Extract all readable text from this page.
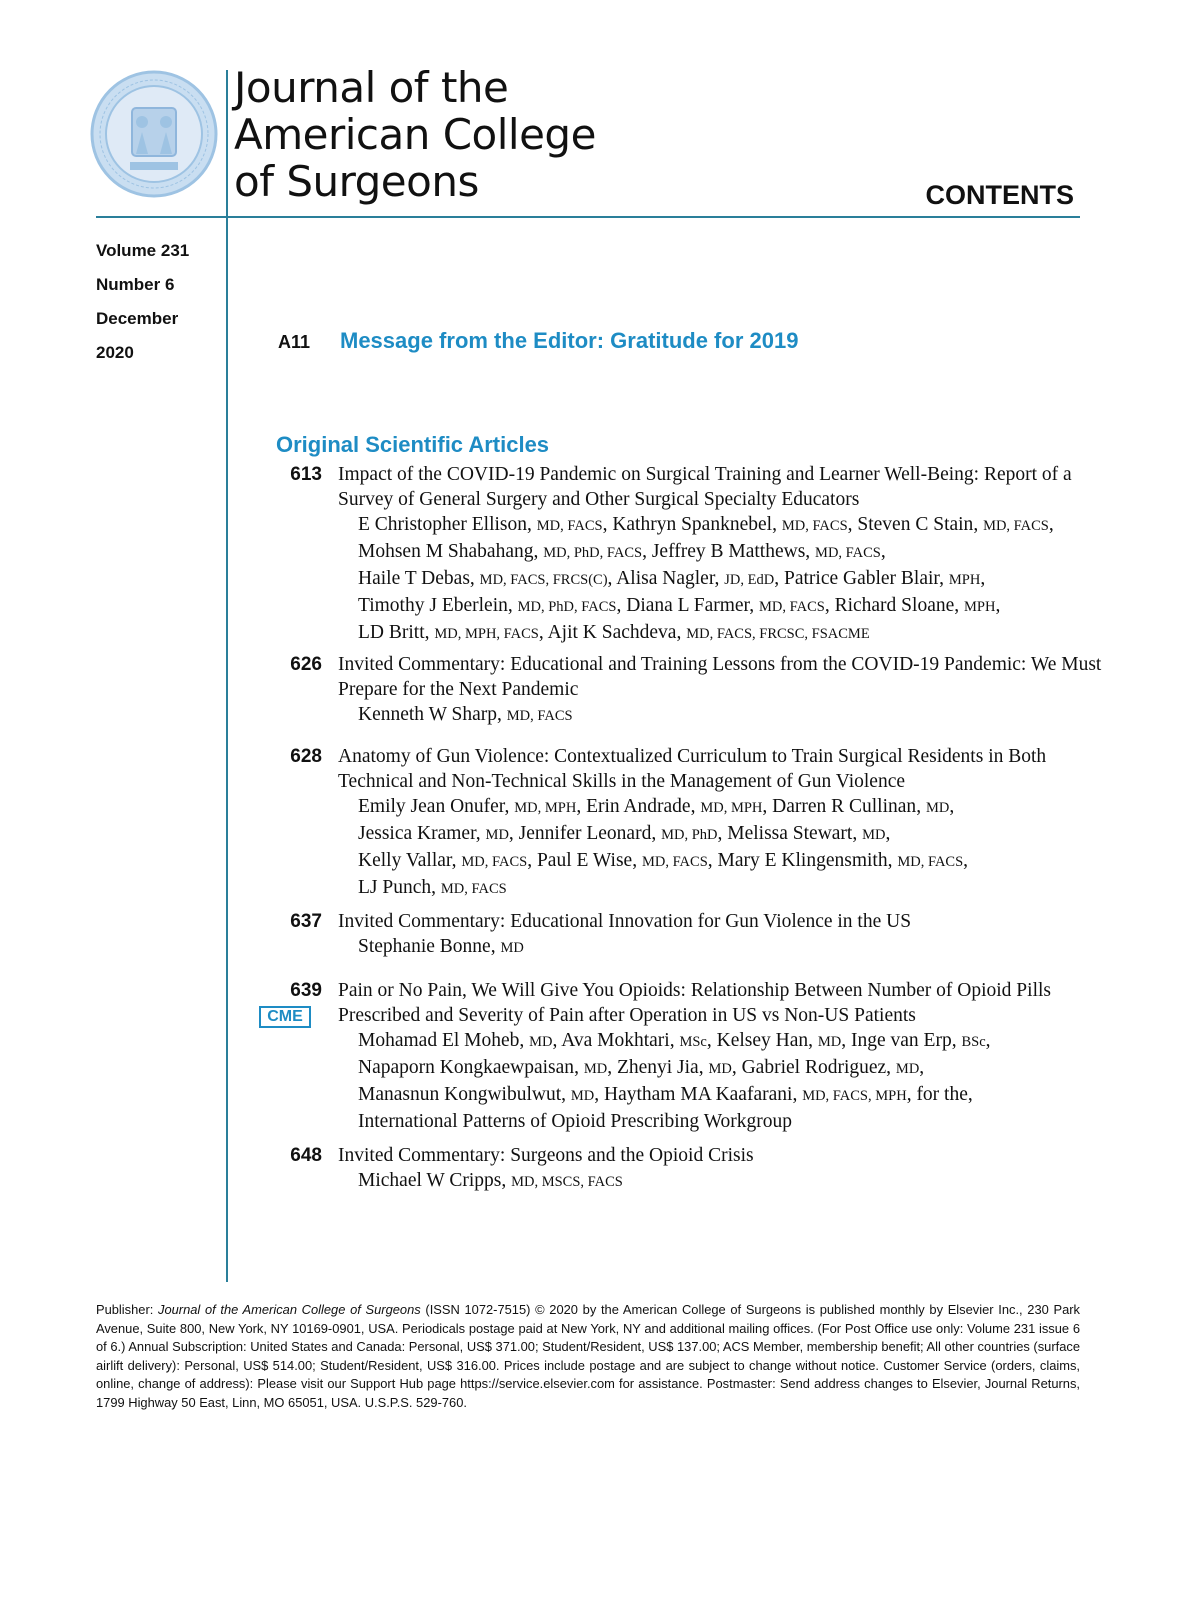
Journal of the
American College
of Surgeons	CONTENTS
Volume 231
Number 6
December
2020
A11 Message from the Editor: Gratitude for 2019
Original Scientific Articles
613 Impact of the COVID-19 Pandemic on Surgical Training and Learner Well-Being: Report of a Survey of General Surgery and Other Surgical Specialty Educators
E Christopher Ellison, MD, FACS, Kathryn Spanknebel, MD, FACS, Steven C Stain, MD, FACS,
Mohsen M Shabahang, MD, PhD, FACS, Jeffrey B Matthews, MD, FACS,
Haile T Debas, MD, FACS, FRCS(C), Alisa Nagler, JD, EdD, Patrice Gabler Blair, MPH,
Timothy J Eberlein, MD, PhD, FACS, Diana L Farmer, MD, FACS, Richard Sloane, MPH,
LD Britt, MD, MPH, FACS, Ajit K Sachdeva, MD, FACS, FRCSC, FSACME
626 Invited Commentary: Educational and Training Lessons from the COVID-19 Pandemic: We Must Prepare for the Next Pandemic
Kenneth W Sharp, MD, FACS
628 Anatomy of Gun Violence: Contextualized Curriculum to Train Surgical Residents in Both Technical and Non-Technical Skills in the Management of Gun Violence
Emily Jean Onufer, MD, MPH, Erin Andrade, MD, MPH, Darren R Cullinan, MD,
Jessica Kramer, MD, Jennifer Leonard, MD, PhD, Melissa Stewart, MD,
Kelly Vallar, MD, FACS, Paul E Wise, MD, FACS, Mary E Klingensmith, MD, FACS,
LJ Punch, MD, FACS
637 Invited Commentary: Educational Innovation for Gun Violence in the US
Stephanie Bonne, MD
639
CME
Pain or No Pain, We Will Give You Opioids: Relationship Between Number of Opioid Pills Prescribed and Severity of Pain after Operation in US vs Non-US Patients
Mohamad El Moheb, MD, Ava Mokhtari, MSc, Kelsey Han, MD, Inge van Erp, BSc,
Napaporn Kongkaewpaisan, MD, Zhenyi Jia, MD, Gabriel Rodriguez, MD,
Manasnun Kongwibulwut, MD, Haytham MA Kaafarani, MD, FACS, MPH, for the,
International Patterns of Opioid Prescribing Workgroup
648 Invited Commentary: Surgeons and the Opioid Crisis
Michael W Cripps, MD, MSCS, FACS
Publisher: Journal of the American College of Surgeons (ISSN 1072-7515) © 2020 by the American College of Surgeons is published monthly by Elsevier Inc., 230 Park Avenue, Suite 800, New York, NY 10169-0901, USA. Periodicals postage paid at New York, NY and additional mailing offices. (For Post Office use only: Volume 231 issue 6 of 6.) Annual Subscription: United States and Canada: Personal, US$ 371.00; Student/Resident, US$ 137.00; ACS Member, membership benefit; All other countries (surface airlift delivery): Personal, US$ 514.00; Student/Resident, US$ 316.00. Prices include postage and are subject to change without notice. Customer Service (orders, claims, online, change of address): Please visit our Support Hub page https://service.elsevier.com for assistance. Postmaster: Send address changes to Elsevier, Journal Returns, 1799 Highway 50 East, Linn, MO 65051, USA. U.S.P.S. 529-760.
